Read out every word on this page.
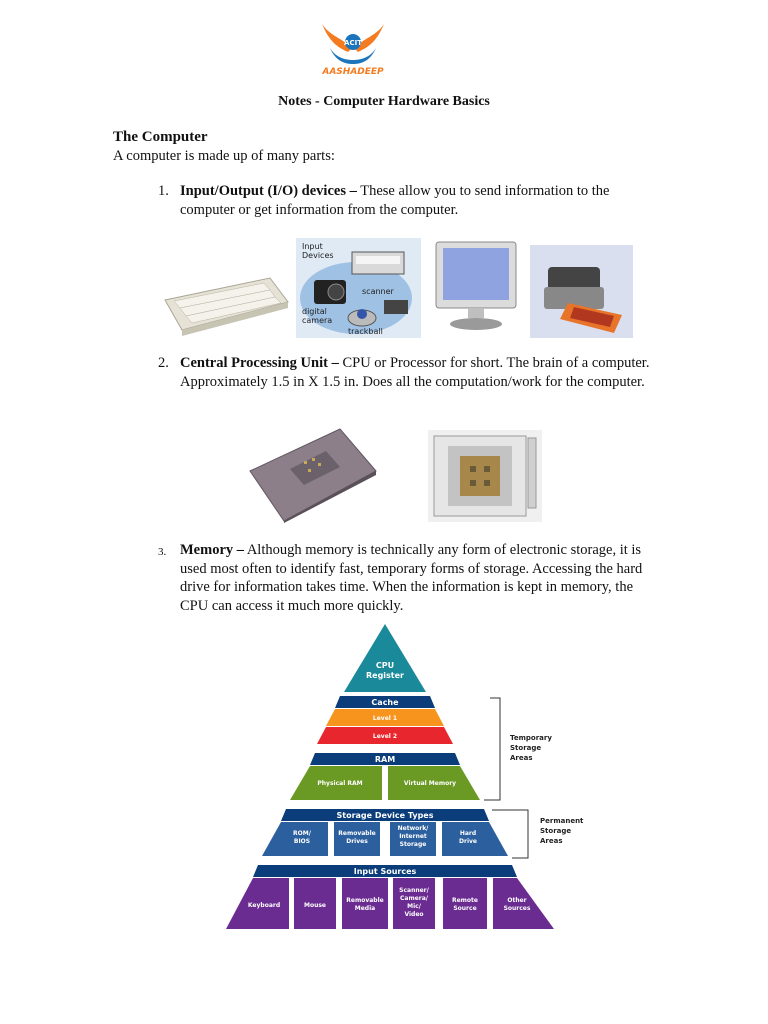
ACIT
AASHADEEP
Notes - Computer Hardware Basics
The Computer
A computer is made up of many parts:
1. Input/Output (I/O) devices – These allow you to send information to the computer or get information from the computer.
Input
Devices
scanner
digital
camera
trackball
2. Central Processing Unit – CPU or Processor for short. The brain of a computer. Approximately 1.5 in X 1.5 in. Does all the computation/work for the computer.
3. Memory – Although memory is technically any form of electronic storage, it is used most often to identify fast, temporary forms of storage. Accessing the hard drive for information takes time. When the information is kept in memory, the CPU can access it much more quickly.
CPU Register
Cache
Level 1
Level 2
RAM
Physical RAM	Virtual Memory
Storage Device Types
ROM/ BIOS
Removable Drives
Network/ Internet Storage
Hard Drive
Input Sources
Keyboard	Mouse
Removable Media
Scanner/ Camera/ Mic/ Video
Remote Source
Other Sources
Temporary Storage Areas
Permanent Storage Areas
